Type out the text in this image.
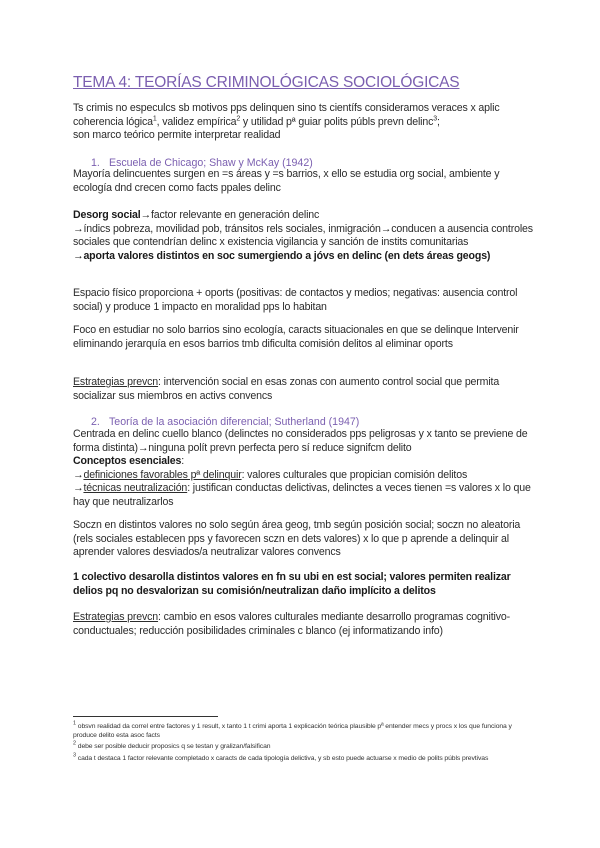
TEMA 4: TEORÍAS CRIMINOLÓGICAS SOCIOLÓGICAS
Ts crimis no especulcs sb motivos pps delinquen sino ts científs consideramos veraces x aplic coherencia lógica$^1$, validez empírica$^2$ y utilidad pª guiar polits públs prevn delinc$^3$;
son marco teórico permite interpretar realidad
1. Escuela de Chicago; Shaw y McKay (1942)
Mayoría delincuentes surgen en =s áreas y =s barrios, x ello se estudia org social, ambiente y ecología dnd crecen como facts ppales delinc
Desorg social→factor relevante en generación delinc
→índics pobreza, movilidad pob, tránsitos rels sociales, inmigración→conducen a ausencia controles sociales que contendrían delinc x existencia vigilancia y sanción de instits comunitarias
→aporta valores distintos en soc sumergiendo a jóvs en delinc (en dets áreas geogs)
Espacio físico proporciona + oports (positivas: de contactos y medios; negativas: ausencia control social) y produce 1 impacto en moralidad pps lo habitan
Foco en estudiar no solo barrios sino ecología, caracts situacionales en que se delinque Intervenir eliminando jerarquía en esos barrios tmb dificulta comisión delitos al eliminar oports
Estrategias prevcn: intervención social en esas zonas con aumento control social que permita socializar sus miembros en activs convencs
2. Teoría de la asociación diferencial; Sutherland (1947)
Centrada en delinc cuello blanco (delinctes no considerados pps peligrosas y x tanto se previene de forma distinta)→ninguna polít prevn perfecta pero sí reduce signifcm delito
Conceptos esenciales:
→definiciones favorables pª delinquir: valores culturales que propician comisión delitos
→técnicas neutralización: justifican conductas delictivas, delinctes a veces tienen =s valores x lo que hay que neutralizarlos
Soczn en distintos valores no solo según área geog, tmb según posición social; soczn no aleatoria (rels sociales establecen pps y favorecen sczn en dets valores) x lo que p aprende a delinquir al aprender valores desviados/a neutralizar valores convencs
1 colectivo desarolla distintos valores en fn su ubi en est social; valores permiten realizar delios pq no desvalorizan su comisión/neutralizan daño implícito a delitos
Estrategias prevcn: cambio en esos valores culturales mediante desarrollo programas cognitivo-conductuales; reducción posibilidades criminales c blanco (ej informatizando info)
$^1$ obsvn realidad da correl entre factores y 1 result, x tanto 1 t crimi aporta 1 explicación teórica plausible pª entender mecs y procs x los que funciona y produce delito esta asoc facts
$^2$ debe ser posible deducir proposics q se testan y gralizan/falsifican
$^3$ cada t destaca 1 factor relevante completado x caracts de cada tipología delictiva, y sb esto puede actuarse x medio de polits públs prevtivas
